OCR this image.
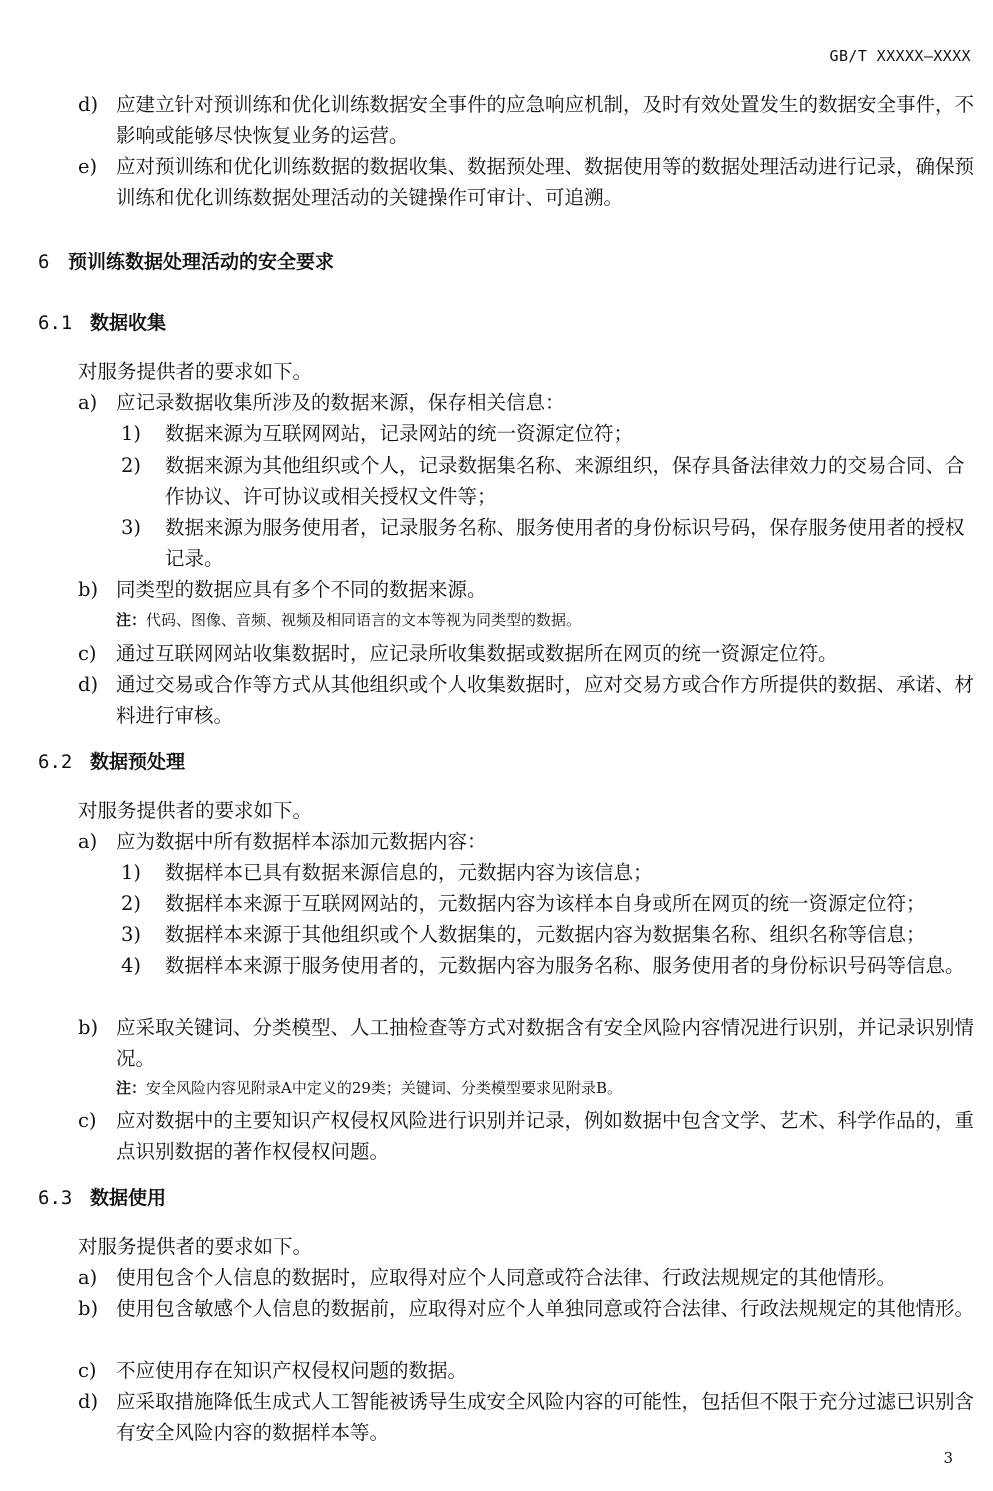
GB/T XXXXX—XXXX
d) 应建立针对预训练和优化训练数据安全事件的应急响应机制，及时有效处置发生的数据安全事件，不影响或能够尽快恢复业务的运营。
e) 应对预训练和优化训练数据的数据收集、数据预处理、数据使用等的数据处理活动进行记录，确保预训练和优化训练数据处理活动的关键操作可审计、可追溯。
6 预训练数据处理活动的安全要求
6.1 数据收集
对服务提供者的要求如下。
a) 应记录数据收集所涉及的数据来源，保存相关信息：
1)	数据来源为互联网网站，记录网站的统一资源定位符；
2)	数据来源为其他组织或个人，记录数据集名称、来源组织，保存具备法律效力的交易合同、合作协议、许可协议或相关授权文件等；
3)	数据来源为服务使用者，记录服务名称、服务使用者的身份标识号码，保存服务使用者的授权记录。
b) 同类型的数据应具有多个不同的数据来源。
注：代码、图像、音频、视频及相同语言的文本等视为同类型的数据。
c) 通过互联网网站收集数据时，应记录所收集数据或数据所在网页的统一资源定位符。
d) 通过交易或合作等方式从其他组织或个人收集数据时，应对交易方或合作方所提供的数据、承诺、材料进行审核。
6.2 数据预处理
对服务提供者的要求如下。
a) 应为数据中所有数据样本添加元数据内容：
1)	数据样本已具有数据来源信息的，元数据内容为该信息；
2)	数据样本来源于互联网网站的，元数据内容为该样本自身或所在网页的统一资源定位符；
3)	数据样本来源于其他组织或个人数据集的，元数据内容为数据集名称、组织名称等信息；
4)	数据样本来源于服务使用者的，元数据内容为服务名称、服务使用者的身份标识号码等信息。
b) 应采取关键词、分类模型、人工抽检查等方式对数据含有安全风险内容情况进行识别，并记录识别情况。
注：安全风险内容见附录A中定义的29类；关键词、分类模型要求见附录B。
c) 应对数据中的主要知识产权侵权风险进行识别并记录，例如数据中包含文学、艺术、科学作品的，重点识别数据的著作权侵权问题。
6.3 数据使用
对服务提供者的要求如下。
a) 使用包含个人信息的数据时，应取得对应个人同意或符合法律、行政法规规定的其他情形。
b) 使用包含敏感个人信息的数据前，应取得对应个人单独同意或符合法律、行政法规规定的其他情形。
c) 不应使用存在知识产权侵权问题的数据。
d) 应采取措施降低生成式人工智能被诱导生成安全风险内容的可能性，包括但不限于充分过滤已识别含有安全风险内容的数据样本等。
3
